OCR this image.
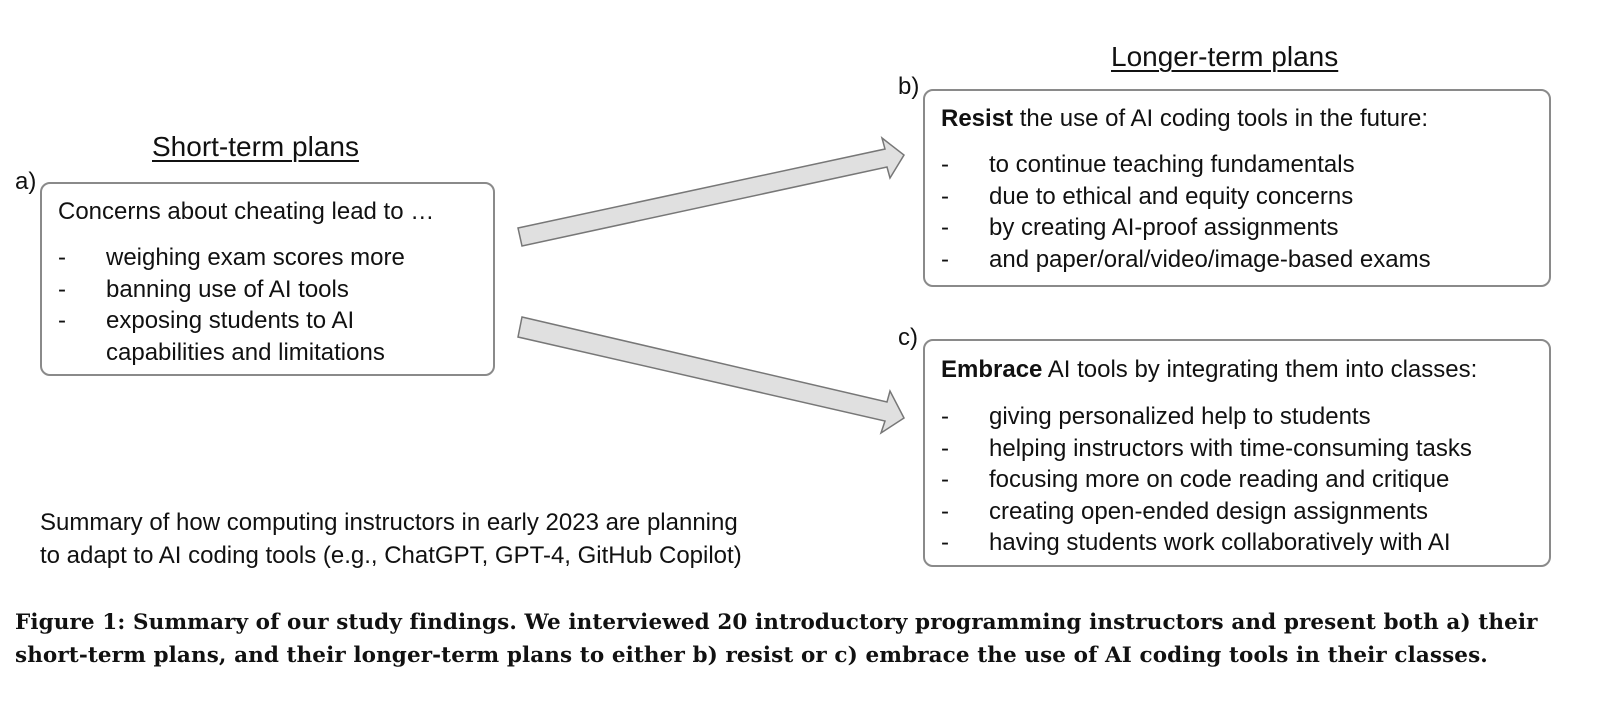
Short-term plans
a)
Concerns about cheating lead to …
- weighing exam scores more
- banning use of AI tools
- exposing students to AI
capabilities and limitations
Longer-term plans
b)
Resist the use of AI coding tools in the future:
- to continue teaching fundamentals
- due to ethical and equity concerns
- by creating AI-proof assignments
- and paper/oral/video/image-based exams
c)
Embrace AI tools by integrating them into classes:
- giving personalized help to students
- helping instructors with time-consuming tasks
- focusing more on code reading and critique
- creating open-ended design assignments
- having students work collaboratively with AI
Summary of how computing instructors in early 2023 are planning
to adapt to AI coding tools (e.g., ChatGPT, GPT-4, GitHub Copilot)
Figure 1: Summary of our study findings. We interviewed 20 introductory programming instructors and present both a) their
short-term plans, and their longer-term plans to either b) resist or c) embrace the use of AI coding tools in their classes.
